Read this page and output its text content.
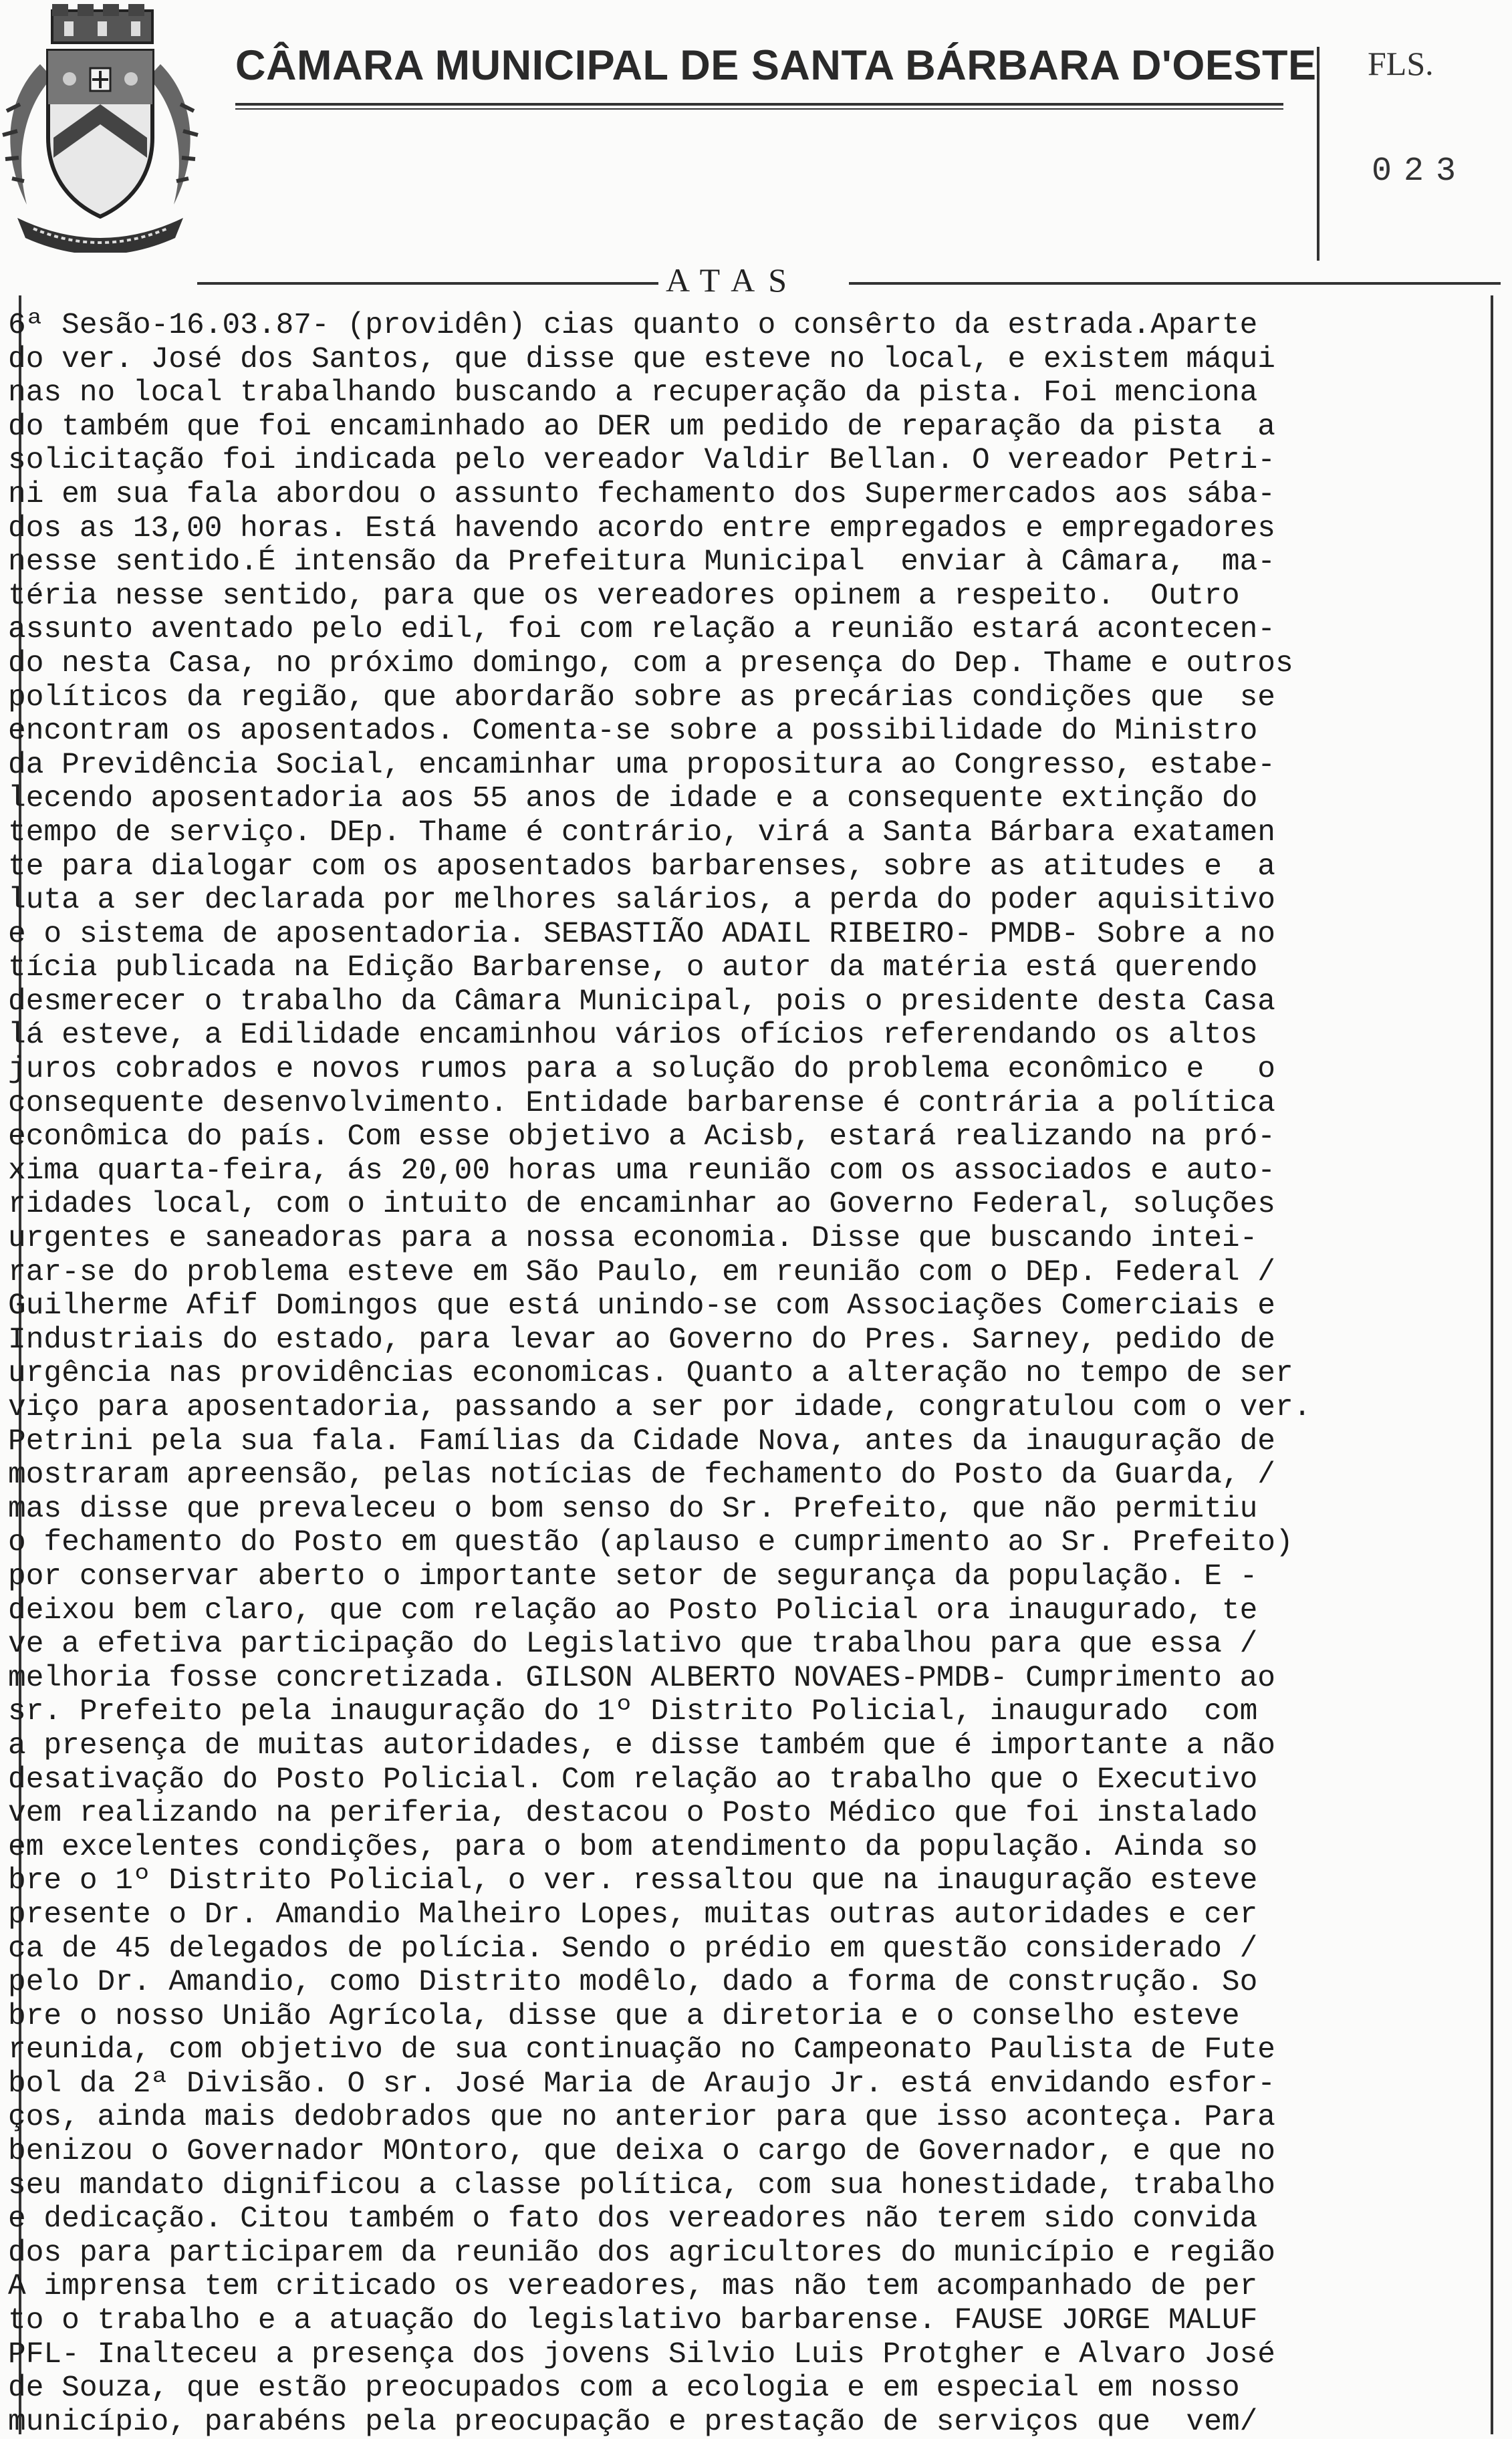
CÂMARA MUNICIPAL DE SANTA BÁRBARA D'OESTE FLS.
023
ATAS
6ª Sesão-16.03.87- (providên) cias quanto o consêrto da estrada.Aparte
do ver. José dos Santos, que disse que esteve no local, e existem máqui
nas no local trabalhando buscando a recuperação da pista. Foi menciona
do também que foi encaminhado ao DER um pedido de reparação da pista  a
solicitação foi indicada pelo vereador Valdir Bellan. O vereador Petri-
ni em sua fala abordou o assunto fechamento dos Supermercados aos sába-
dos as 13,00 horas. Está havendo acordo entre empregados e empregadores
nesse sentido.É intensão da Prefeitura Municipal  enviar à Câmara,  ma-
téria nesse sentido, para que os vereadores opinem a respeito.  Outro
assunto aventado pelo edil, foi com relação a reunião estará acontecen-
do nesta Casa, no próximo domingo, com a presença do Dep. Thame e outros
políticos da região, que abordarão sobre as precárias condições que  se
encontram os aposentados. Comenta-se sobre a possibilidade do Ministro
da Previdência Social, encaminhar uma propositura ao Congresso, estabe-
lecendo aposentadoria aos 55 anos de idade e a consequente extinção do
tempo de serviço. DEp. Thame é contrário, virá a Santa Bárbara exatamen
te para dialogar com os aposentados barbarenses, sobre as atitudes e  a
luta a ser declarada por melhores salários, a perda do poder aquisitivo
e o sistema de aposentadoria. SEBASTIÃO ADAIL RIBEIRO- PMDB- Sobre a no
tícia publicada na Edição Barbarense, o autor da matéria está querendo
desmerecer o trabalho da Câmara Municipal, pois o presidente desta Casa
lá esteve, a Edilidade encaminhou vários ofícios referendando os altos
juros cobrados e novos rumos para a solução do problema econômico e   o
consequente desenvolvimento. Entidade barbarense é contrária a política
econômica do país. Com esse objetivo a Acisb, estará realizando na pró-
xima quarta-feira, ás 20,00 horas uma reunião com os associados e auto-
ridades local, com o intuito de encaminhar ao Governo Federal, soluções
urgentes e saneadoras para a nossa economia. Disse que buscando intei-
rar-se do problema esteve em São Paulo, em reunião com o DEp. Federal /
Guilherme Afif Domingos que está unindo-se com Associações Comerciais e
Industriais do estado, para levar ao Governo do Pres. Sarney, pedido de
urgência nas providências economicas. Quanto a alteração no tempo de ser
viço para aposentadoria, passando a ser por idade, congratulou com o ver.
Petrini pela sua fala. Famílias da Cidade Nova, antes da inauguração de
mostraram apreensão, pelas notícias de fechamento do Posto da Guarda, /
mas disse que prevaleceu o bom senso do Sr. Prefeito, que não permitiu
o fechamento do Posto em questão (aplauso e cumprimento ao Sr. Prefeito)
por conservar aberto o importante setor de segurança da população. E -
deixou bem claro, que com relação ao Posto Policial ora inaugurado, te
ve a efetiva participação do Legislativo que trabalhou para que essa /
melhoria fosse concretizada. GILSON ALBERTO NOVAES-PMDB- Cumprimento ao
sr. Prefeito pela inauguração do 1º Distrito Policial, inaugurado  com
a presença de muitas autoridades, e disse também que é importante a não
desativação do Posto Policial. Com relação ao trabalho que o Executivo
vem realizando na periferia, destacou o Posto Médico que foi instalado
em excelentes condições, para o bom atendimento da população. Ainda so
bre o 1º Distrito Policial, o ver. ressaltou que na inauguração esteve
presente o Dr. Amandio Malheiro Lopes, muitas outras autoridades e cer
ca de 45 delegados de polícia. Sendo o prédio em questão considerado /
pelo Dr. Amandio, como Distrito modêlo, dado a forma de construção. So
bre o nosso União Agrícola, disse que a diretoria e o conselho esteve
reunida, com objetivo de sua continuação no Campeonato Paulista de Fute
bol da 2ª Divisão. O sr. José Maria de Araujo Jr. está envidando esfor-
ços, ainda mais dedobrados que no anterior para que isso aconteça. Para
benizou o Governador MOntoro, que deixa o cargo de Governador, e que no
seu mandato dignificou a classe política, com sua honestidade, trabalho
e dedicação. Citou também o fato dos vereadores não terem sido convida
dos para participarem da reunião dos agricultores do município e região
A imprensa tem criticado os vereadores, mas não tem acompanhado de per
to o trabalho e a atuação do legislativo barbarense. FAUSE JORGE MALUF
PFL- Inalteceu a presença dos jovens Silvio Luis Protgher e Alvaro José
de Souza, que estão preocupados com a ecologia e em especial em nosso
município, parabéns pela preocupação e prestação de serviços que  vem/
